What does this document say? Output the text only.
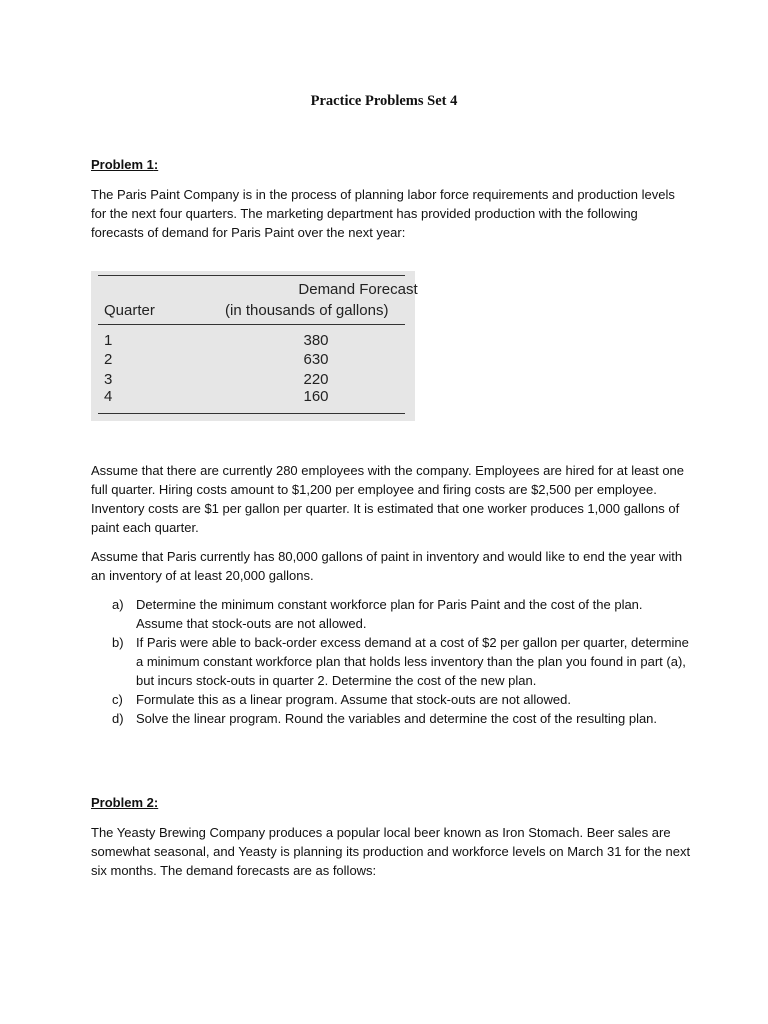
Practice Problems Set 4
Problem 1:

The Paris Paint Company is in the process of planning labor force requirements and production levels for the next four quarters. The marketing department has provided production with the following forecasts of demand for Paris Paint over the next year:

Demand Forecast
Quarter	(in thousands of gallons)
1	380
2	630
3	220
4	160

Assume that there are currently 280 employees with the company. Employees are hired for at least one full quarter. Hiring costs amount to $1,200 per employee and firing costs are $2,500 per employee. Inventory costs are $1 per gallon per quarter. It is estimated that one worker produces 1,000 gallons of paint each quarter.

Assume that Paris currently has 80,000 gallons of paint in inventory and would like to end the year with an inventory of at least 20,000 gallons.

a) Determine the minimum constant workforce plan for Paris Paint and the cost of the plan. Assume that stock-outs are not allowed.
b) If Paris were able to back-order excess demand at a cost of $2 per gallon per quarter, determine a minimum constant workforce plan that holds less inventory than the plan you found in part (a), but incurs stock-outs in quarter 2. Determine the cost of the new plan.
c) Formulate this as a linear program. Assume that stock-outs are not allowed.
d) Solve the linear program. Round the variables and determine the cost of the resulting plan.
Problem 2:

The Yeasty Brewing Company produces a popular local beer known as Iron Stomach. Beer sales are somewhat seasonal, and Yeasty is planning its production and workforce levels on March 31 for the next six months. The demand forecasts are as follows:
